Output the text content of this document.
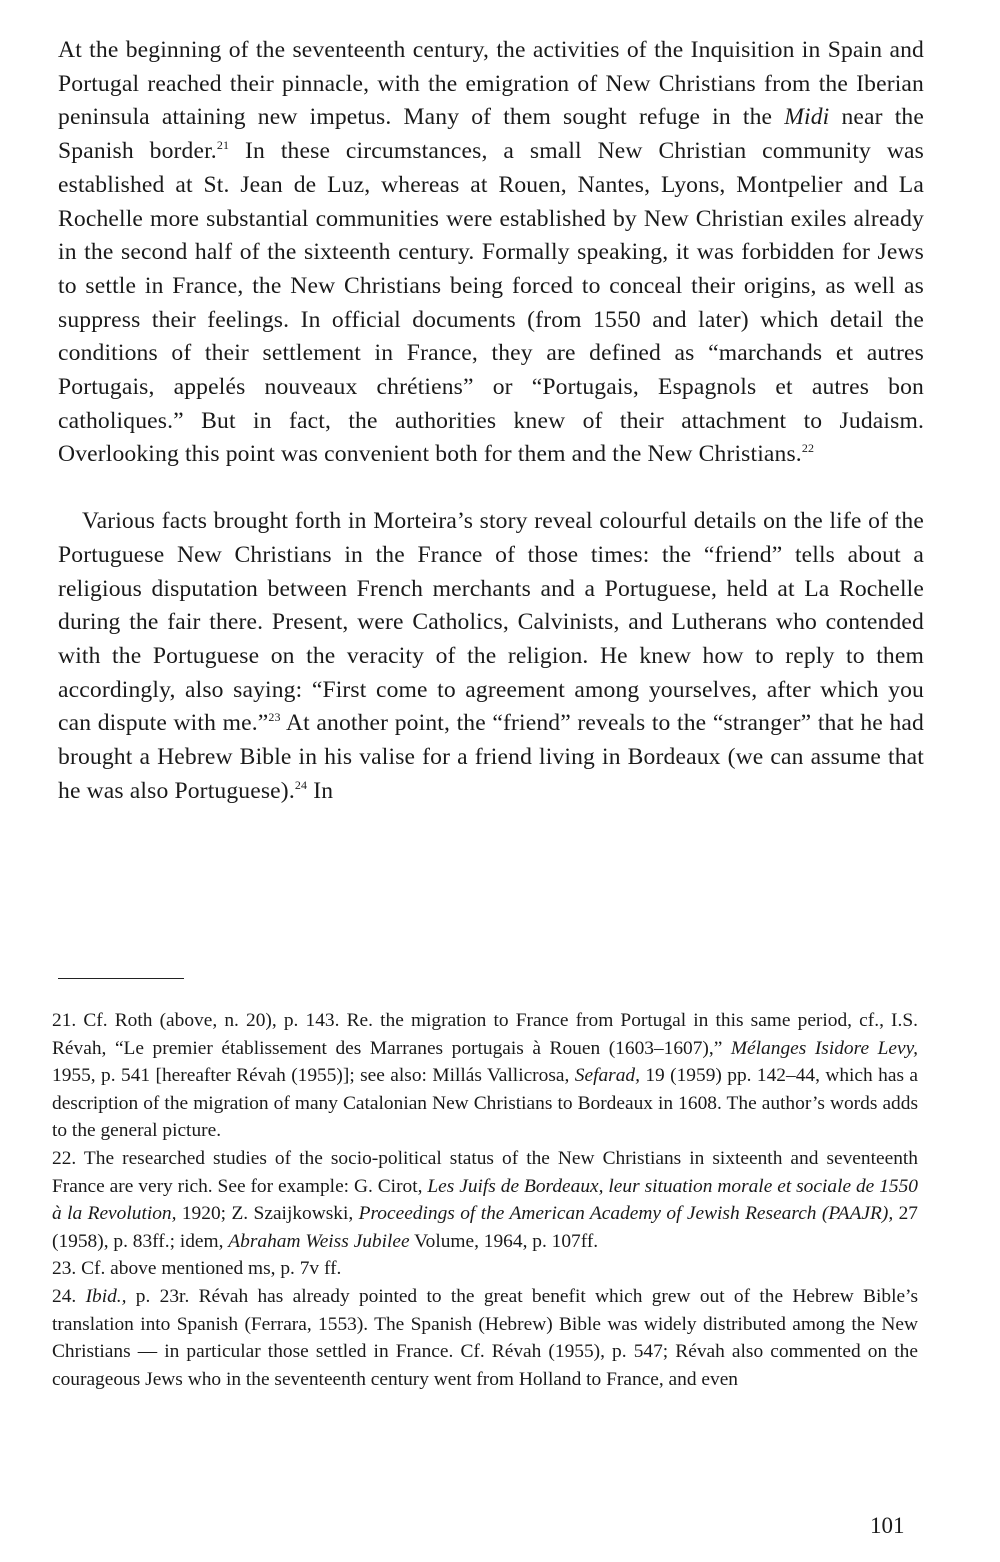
At the beginning of the seventeenth century, the activities of the Inquisition in Spain and Portugal reached their pinnacle, with the emigration of New Christians from the Iberian peninsula attaining new impetus. Many of them sought refuge in the Midi near the Spanish border.$^{21}$ In these circumstances, a small New Christian community was established at St. Jean de Luz, whereas at Rouen, Nantes, Lyons, Montpelier and La Rochelle more substantial communities were established by New Christian exiles already in the second half of the sixteenth century. Formally speaking, it was forbidden for Jews to settle in France, the New Christians being forced to conceal their origins, as well as suppress their feelings. In official documents (from 1550 and later) which detail the conditions of their settlement in France, they are defined as “marchands et autres Portugais, appelés nouveaux chrétiens” or “Portugais, Espagnols et autres bon catholiques.” But in fact, the authorities knew of their attachment to Judaism. Overlooking this point was convenient both for them and the New Christians.$^{22}$

Various facts brought forth in Morteira’s story reveal colourful details on the life of the Portuguese New Christians in the France of those times: the “friend” tells about a religious disputation between French merchants and a Portuguese, held at La Rochelle during the fair there. Present, were Catholics, Calvinists, and Lutherans who contended with the Portuguese on the veracity of the religion. He knew how to reply to them accordingly, also saying: “First come to agreement among yourselves, after which you can dispute with me.”$^{23}$ At another point, the “friend” reveals to the “stranger” that he had brought a Hebrew Bible in his valise for a friend living in Bordeaux (we can assume that he was also Portuguese).$^{24}$ In

21. Cf. Roth (above, n. 20), p. 143. Re. the migration to France from Portugal in this same period, cf., I.S. Révah, “Le premier établissement des Marranes portugais à Rouen (1603–1607),” Mélanges Isidore Levy, 1955, p. 541 [hereafter Révah (1955)]; see also: Millás Vallicrosa, Sefarad, 19 (1959) pp. 142–44, which has a description of the migration of many Catalonian New Christians to Bordeaux in 1608. The author’s words adds to the general picture.

22. The researched studies of the socio-political status of the New Christians in sixteenth and seventeenth France are very rich. See for example: G. Cirot, Les Juifs de Bordeaux, leur situation morale et sociale de 1550 à la Revolution, 1920; Z. Szaijkowski, Proceedings of the American Academy of Jewish Research (PAAJR), 27 (1958), p. 83ff.; idem, Abraham Weiss Jubilee Volume, 1964, p. 107ff.

23. Cf. above mentioned ms, p. 7v ff.

24. Ibid., p. 23r. Révah has already pointed to the great benefit which grew out of the Hebrew Bible’s translation into Spanish (Ferrara, 1553). The Spanish (Hebrew) Bible was widely distributed among the New Christians — in particular those settled in France. Cf. Révah (1955), p. 547; Révah also commented on the courageous Jews who in the seventeenth century went from Holland to France, and even

101
